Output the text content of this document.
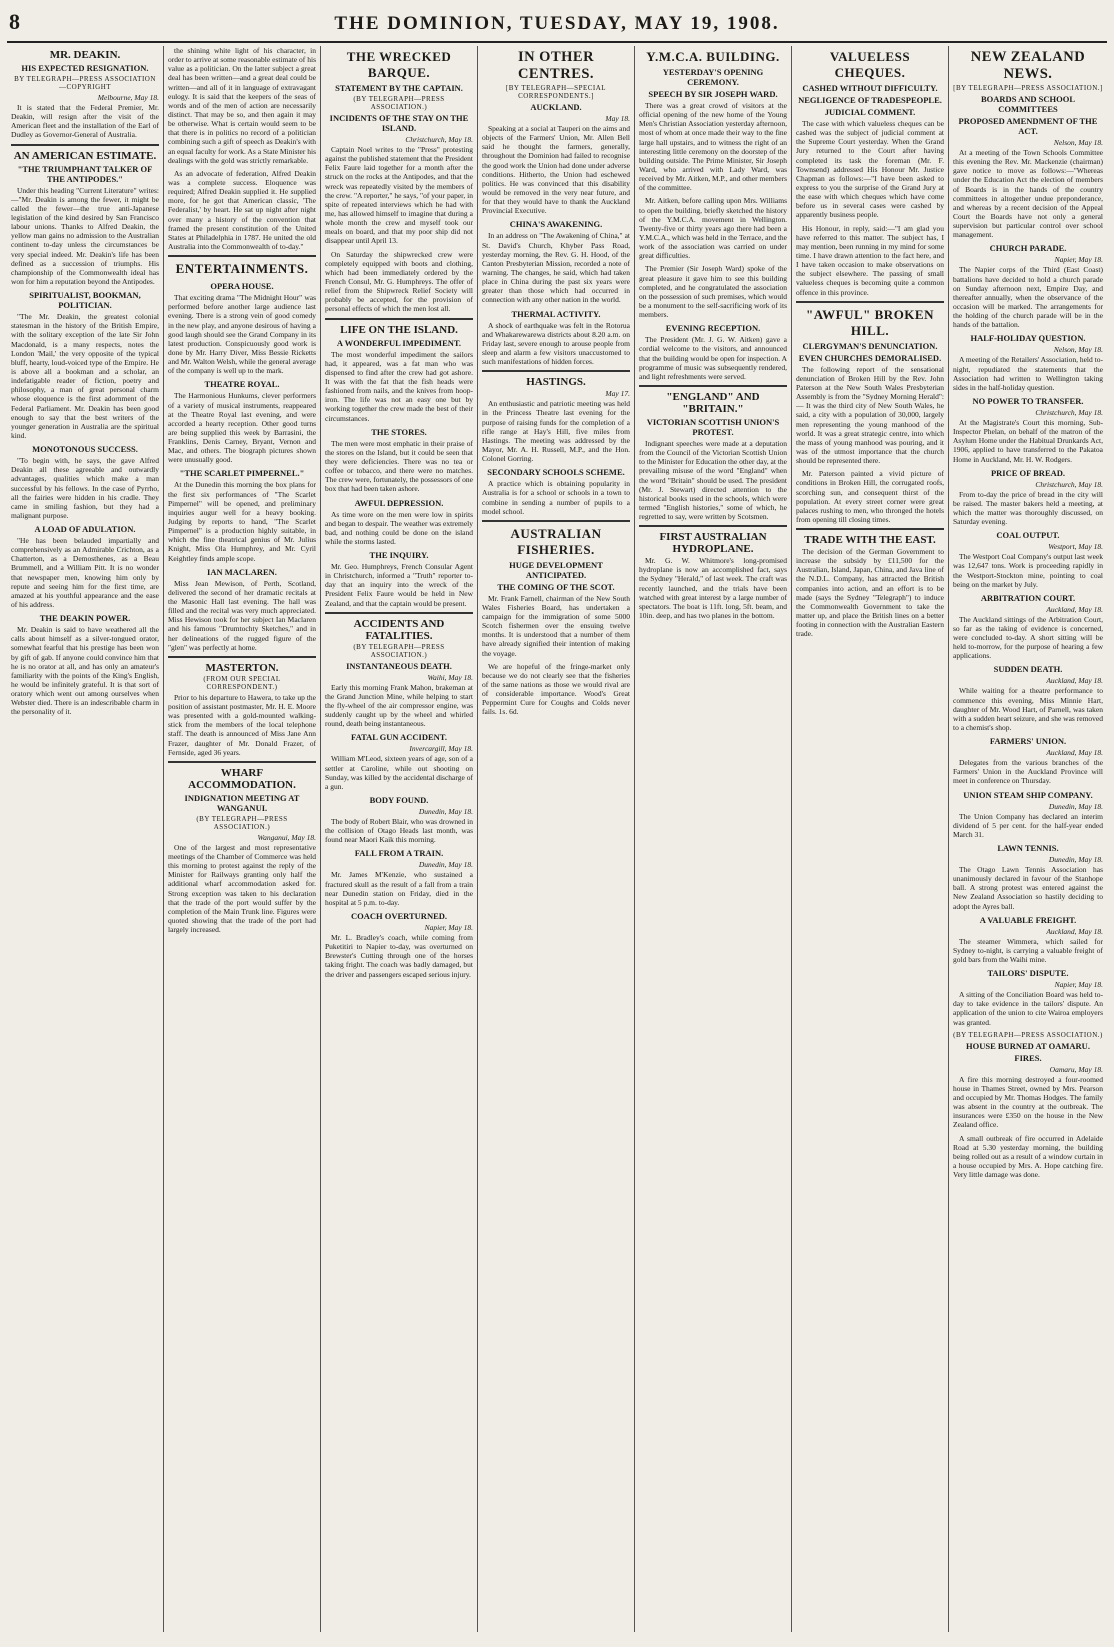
8	THE DOMINION, TUESDAY, MAY 19, 1908.
MR. DEAKIN.
HIS EXPECTED RESIGNATION.
BY TELEGRAPH—PRESS ASSOCIATION—COPYRIGHT
Melbourne, May 18.

It is stated that the Federal Premier, Mr. Deakin, will resign after the visit of the American fleet and the installation of the Earl of Dudley as Governor-General of Australia.

AN AMERICAN ESTIMATE.
"THE TRIUMPHANT TALKER OF THE ANTIPODES."

Under this heading "Current Literature" writes:—"Mr. Deakin is among the fewer, it might be called the fewer—the true anti-Japanese legislation of the kind desired by San Francisco labour unions. Thanks to Alfred Deakin, the yellow man gains no admission to the Australian continent to-day unless the circumstances be very special indeed. Mr. Deakin's life has been defined as a succession of triumphs. His championship of the Commonwealth ideal has won for him a reputation beyond the Antipodes.

SPIRITUALIST, BOOKMAN, POLITICIAN.

"The Mr. Deakin, the greatest colonial statesman in the history of the British Empire, with the solitary exception of the late Sir John Macdonald, is a many respects, notes the London 'Mail,' the very opposite of the typical bluff, hearty, loud-voiced type of the Empire. He is above all a bookman and a scholar, an indefatigable reader of fiction, poetry and philosophy, a man of great personal charm whose eloquence is the first adornment of the Federal Parliament. Mr. Deakin has been good enough to say that the best writers of the younger generation in Australia are the spiritual kind.

MONOTONOUS SUCCESS.

"To begin with, he says, the gave Alfred Deakin all these agreeable and outwardly advantages, qualities which make a man successful by his fellows. In the case of Pyrrho, all the fairies were hidden in his cradle. They came in smiling fashion, but they had a malignant purpose.

A LOAD OF ADULATION.

"He has been belauded impartially and comprehensively as an Admirable Crichton, as a Chatterton, as a Demosthenes, as a Beau Brummell, and a William Pitt. It is no wonder that newspaper men, knowing him only by repute and seeing him for the first time, are amazed at his youthful appearance and the ease of his address.

THE DEAKIN POWER.

Mr. Deakin is said to have weathered all the calls about himself as a silver-tongued orator, somewhat fearful that his prestige has been won by gift of gab. If anyone could convince him that he is no orator at all, and has only an amateur's familiarity with the points of the King's English, he would be infinitely grateful. It is that sort of oratory which went out among ourselves when Webster died. There is an indescribable charm in the personality of it.

the shining white light of his character, in order to arrive at some reasonable estimate of his value as a politician. On the latter subject a great deal has been written—and a great deal could be written—and all of it in language of extravagant eulogy. It is said that the keepers of the seas of words and of the men of action are necessarily distinct. That may be so, and then again it may be otherwise. What is certain would seem to be that there is in politics no record of a politician combining such a gift of speech as Deakin's with an equal faculty for work. As a State Minister his dealings with the gold was strictly remarkable.

As an advocate of federation, Alfred Deakin was a complete success. Eloquence was required; Alfred Deakin supplied it. He supplied more, for he got that American classic, 'The Federalist,' by heart. He sat up night after night over many a history of the convention that framed the present constitution of the United States at Philadelphia in 1787. He united the old Australia into the Commonwealth of to-day."

ENTERTAINMENTS.
OPERA HOUSE.

That exciting drama "The Midnight Hour" was performed before another large audience last evening. There is a strong vein of good comedy in the new play, and anyone desirous of having a good laugh should see the Grand Company in its latest production. Conspicuously good work is done by Mr. Harry Diver, Miss Bessie Ricketts and Mr. Walton Welsh, while the general average of the company is well up to the mark.

THEATRE ROYAL.

The Harmonious Hunkums, clever performers of a variety of musical instruments, reappeared at the Theatre Royal last evening, and were accorded a hearty reception. Other good turns are being supplied this week by Barrasini, the Franklins, Denis Carney, Bryant, Vernon and Mac, and others. The biograph pictures shown were unusually good.

"THE SCARLET PIMPERNEL."

At the Dunedin this morning the box plans for the first six performances of "The Scarlet Pimpernel" will be opened, and preliminary inquiries augur well for a heavy booking. Judging by reports to hand, "The Scarlet Pimpernel" is a production highly suitable, in which the fine theatrical genius of Mr. Julius Knight, Miss Ola Humphrey, and Mr. Cyril Keightley finds ample scope.

IAN MACLAREN.

Miss Jean Mewison, of Perth, Scotland, delivered the second of her dramatic recitals at the Masonic Hall last evening. The hall was filled and the recital was very much appreciated. Miss Hewison took for her subject Ian Maclaren and his famous "Drumtochty Sketches," and in her delineations of the rugged figure of the "glen" was perfectly at home.

MASTERTON.
(FROM OUR SPECIAL CORRESPONDENT.)

Prior to his departure to Hawera, to take up the position of assistant postmaster, Mr. H. E. Moore was presented with a gold-mounted walking-stick from the members of the local telephone staff. The death is announced of Miss Jane Ann Frazer, daughter of Mr. Donald Frazer, of Fernside, aged 36 years.

WHARF ACCOMMODATION.
INDIGNATION MEETING AT WANGANUI.
(BY TELEGRAPH—PRESS ASSOCIATION.)
Wanganui, May 18.

One of the largest and most representative meetings of the Chamber of Commerce was held this morning to protest against the reply of the Minister for Railways granting only half the additional wharf accommodation asked for. Strong exception was taken to his declaration that the trade of the port would suffer by the completion of the Main Trunk line. Figures were quoted showing that the trade of the port had largely increased.

THE WRECKED BARQUE.
STATEMENT BY THE CAPTAIN.
(BY TELEGRAPH—PRESS ASSOCIATION.)
INCIDENTS OF THE STAY ON THE ISLAND.
Christchurch, May 18.

Captain Noel writes to the "Press" protesting against the published statement that the President Felix Faure laid together for a month after the struck on the rocks at the Antipodes, and that the wreck was repeatedly visited by the members of the crew. "A reporter," he says, "of your paper, in spite of repeated interviews which he had with me, has allowed himself to imagine that during a whole month the crew and myself took our meals on board, and that my poor ship did not disappear until April 13.

On Saturday the shipwrecked crew were completely equipped with boots and clothing, which had been immediately ordered by the French Consul, Mr. G. Humphreys. The offer of relief from the Shipwreck Relief Society will probably be accepted, for the provision of personal effects of which the men lost all.

LIFE ON THE ISLAND.
A WONDERFUL IMPEDIMENT.

The most wonderful impediment the sailors had, it appeared, was a fat man who was dispensed to find after the crew had got ashore. It was with the fat that the fish heads were fashioned from nails, and the knives from hoop-iron. The life was not an easy one but by working together the crew made the best of their circumstances.

THE STORES.

The men were most emphatic in their praise of the stores on the Island, but it could be seen that they were deficiencies. There was no tea or coffee or tobacco, and there were no matches. The crew were, fortunately, the possessors of one box that had been taken ashore.

AWFUL DEPRESSION.

As time wore on the men were low in spirits and began to despair. The weather was extremely bad, and nothing could be done on the island while the storms lasted.

THE INQUIRY.

Mr. Geo. Humphreys, French Consular Agent in Christchurch, informed a "Truth" reporter to-day that an inquiry into the wreck of the President Felix Faure would be held in New Zealand, and that the captain would be present.

ACCIDENTS AND FATALITIES.
(BY TELEGRAPH—PRESS ASSOCIATION.)
INSTANTANEOUS DEATH.
Waihi, May 18.

Early this morning Frank Mahon, brakeman at the Grand Junction Mine, while helping to start the fly-wheel of the air compressor engine, was suddenly caught up by the wheel and whirled round, death being instantaneous.

FATAL GUN ACCIDENT.
Invercargill, May 18.

William M'Leod, sixteen years of age, son of a settler at Caroline, while out shooting on Sunday, was killed by the accidental discharge of a gun.

BODY FOUND.
Dunedin, May 18.

The body of Robert Blair, who was drowned in the collision of Otago Heads last month, was found near Maori Kaik this morning.

FALL FROM A TRAIN.
Dunedin, May 18.

Mr. James M'Kenzie, who sustained a fractured skull as the result of a fall from a train near Dunedin station on Friday, died in the hospital at 5 p.m. to-day.

COACH OVERTURNED.
Napier, May 18.

Mr. L. Bradley's coach, while coming from Puketitiri to Napier to-day, was overturned on Brewster's Cutting through one of the horses taking fright. The coach was badly damaged, but the driver and passengers escaped serious injury.

IN OTHER CENTRES.
[BY TELEGRAPH—SPECIAL CORRESPONDENTS.]
AUCKLAND.
May 18.

Speaking at a social at Tauperi on the aims and objects of the Farmers' Union, Mr. Allen Bell said he thought the farmers, generally, throughout the Dominion had failed to recognise the good work the Union had done under adverse conditions. Hitherto, the Union had eschewed politics. He was convinced that this disability would be removed in the very near future, and for that they would have to thank the Auckland Provincial Executive.

CHINA'S AWAKENING.

In an address on "The Awakening of China," at St. David's Church, Khyber Pass Road, yesterday morning, the Rev. G. H. Hood, of the Canton Presbyterian Mission, recorded a note of warning. The changes, he said, which had taken place in China during the past six years were greater than those which had occurred in connection with any other nation in the world.

THERMAL ACTIVITY.

A shock of earthquake was felt in the Rotorua and Whakarewarewa districts about 8.20 a.m. on Friday last, severe enough to arouse people from sleep and alarm a few visitors unaccustomed to such manifestations of hidden forces.

HASTINGS.
May 17.

An enthusiastic and patriotic meeting was held in the Princess Theatre last evening for the purpose of raising funds for the completion of a rifle range at Hay's Hill, five miles from Hastings. The meeting was addressed by the Mayor, Mr. A. H. Russell, M.P., and the Hon. Colonel Gorring.

SECONDARY SCHOOLS SCHEME.

A practice which is obtaining popularity in Australia is for a school or schools in a town to combine in sending a number of pupils to a model school.

AUSTRALIAN FISHERIES.
HUGE DEVELOPMENT ANTICIPATED.
THE COMING OF THE SCOT.

Mr. Frank Farnell, chairman of the New South Wales Fisheries Board, has undertaken a campaign for the immigration of some 5000 Scotch fishermen over the ensuing twelve months. It is understood that a number of them have already signified their intention of making the voyage.

We are hopeful of the fringe-market only because we do not clearly see that the fisheries of the same nations as those we would rival are of considerable importance. Wood's Great Peppermint Cure for Coughs and Colds never fails. 1s. 6d.

Y.M.C.A. BUILDING.
YESTERDAY'S OPENING CEREMONY.
SPEECH BY SIR JOSEPH WARD.

There was a great crowd of visitors at the official opening of the new home of the Young Men's Christian Association yesterday afternoon, most of whom at once made their way to the fine large hall upstairs, and to witness the right of an interesting little ceremony on the doorstep of the building outside. The Prime Minister, Sir Joseph Ward, who arrived with Lady Ward, was received by Mr. Aitken, M.P., and other members of the committee.

Mr. Aitken, before calling upon Mrs. Williams to open the building, briefly sketched the history of the Y.M.C.A. movement in Wellington. Twenty-five or thirty years ago there had been a Y.M.C.A., which was held in the Terrace, and the work of the association was carried on under great difficulties.

The Premier (Sir Joseph Ward) spoke of the great pleasure it gave him to see this building completed, and he congratulated the association on the possession of such premises, which would be a monument to the self-sacrificing work of its members.

EVENING RECEPTION.

The President (Mr. J. G. W. Aitken) gave a cordial welcome to the visitors, and announced that the building would be open for inspection. A programme of music was subsequently rendered, and light refreshments were served.

"ENGLAND" AND "BRITAIN."
VICTORIAN SCOTTISH UNION'S PROTEST.

Indignant speeches were made at a deputation from the Council of the Victorian Scottish Union to the Minister for Education the other day, at the prevailing misuse of the word "England" when the word "Britain" should be used. The president (Mr. J. Stewart) directed attention to the historical books used in the schools, which were termed "English histories," some of which, he regretted to say, were written by Scotsmen.

FIRST AUSTRALIAN HYDROPLANE.

Mr. G. W. Whitmore's long-promised hydroplane is now an accomplished fact, says the Sydney "Herald," of last week. The craft was recently launched, and the trials have been watched with great interest by a large number of spectators. The boat is 11ft. long, 5ft. beam, and 10in. deep, and has two planes in the bottom.

VALUELESS CHEQUES.
CASHED WITHOUT DIFFICULTY.
NEGLIGENCE OF TRADESPEOPLE.
JUDICIAL COMMENT.

The case with which valueless cheques can be cashed was the subject of judicial comment at the Supreme Court yesterday. When the Grand Jury returned to the Court after having completed its task the foreman (Mr. F. Townsend) addressed His Honour Mr. Justice Chapman as follows:—"I have been asked to express to you the surprise of the Grand Jury at the ease with which cheques which have come before us in several cases were cashed by apparently business people.

His Honour, in reply, said:—"I am glad you have referred to this matter. The subject has, I may mention, been running in my mind for some time. I have drawn attention to the fact here, and I have taken occasion to make observations on the subject elsewhere. The passing of small valueless cheques is becoming quite a common offence in this province.

"AWFUL" BROKEN HILL.
CLERGYMAN'S DENUNCIATION.
EVEN CHURCHES DEMORALISED.

The following report of the sensational denunciation of Broken Hill by the Rev. John Paterson at the New South Wales Presbyterian Assembly is from the "Sydney Morning Herald":— It was the third city of New South Wales, he said, a city with a population of 30,000, largely men representing the young manhood of the world. It was a great strategic centre, into which the mass of young manhood was pouring, and it was of the utmost importance that the church should be represented there.

Mr. Paterson painted a vivid picture of conditions in Broken Hill, the corrugated roofs, scorching sun, and consequent thirst of the population. At every street corner were great palaces rushing to men, who thronged the hotels from opening till closing times.

TRADE WITH THE EAST.

The decision of the German Government to increase the subsidy by £11,500 for the Australian, Island, Japan, China, and Java line of the N.D.L. Company, has attracted the British companies into action, and an effort is to be made (says the Sydney "Telegraph") to induce the Commonwealth Government to take the matter up, and place the British lines on a better footing in connection with the Australian Eastern trade.

NEW ZEALAND NEWS.
[BY TELEGRAPH—PRESS ASSOCIATION.]
BOARDS AND SCHOOL COMMITTEES
PROPOSED AMENDMENT OF THE ACT.
Nelson, May 18.

At a meeting of the Town Schools Committee this evening the Rev. Mr. Mackenzie (chairman) gave notice to move as follows:—"Whereas under the Education Act the election of members of Boards is in the hands of the country committees in altogether undue preponderance, and whereas by a recent decision of the Appeal Court the Boards have not only a general supervision but particular control over school management.

CHURCH PARADE.
Napier, May 18.

The Napier corps of the Third (East Coast) battalions have decided to hold a church parade on Sunday afternoon next, Empire Day, and thereafter annually, when the observance of the occasion will be marked. The arrangements for the holding of the church parade will be in the hands of the battalion.

HALF-HOLIDAY QUESTION.
Nelson, May 18.

A meeting of the Retailers' Association, held to-night, repudiated the statements that the Association had written to Wellington taking sides in the half-holiday question.

NO POWER TO TRANSFER.
Christchurch, May 18.

At the Magistrate's Court this morning, Sub-Inspector Phelan, on behalf of the matron of the Asylum Home under the Habitual Drunkards Act, 1906, applied to have transferred to the Pakatoa Home in Auckland, Mr. H. W. Rodgers.

PRICE OF BREAD.
Christchurch, May 18.

From to-day the price of bread in the city will be raised. The master bakers held a meeting, at which the matter was thoroughly discussed, on Saturday evening.

COAL OUTPUT.
Westport, May 18.

The Westport Coal Company's output last week was 12,647 tons. Work is proceeding rapidly in the Westport-Stockton mine, pointing to coal being on the market by July.

ARBITRATION COURT.
Auckland, May 18.

The Auckland sittings of the Arbitration Court, so far as the taking of evidence is concerned, were concluded to-day. A short sitting will be held to-morrow, for the purpose of hearing a few applications.

SUDDEN DEATH.
Auckland, May 18.

While waiting for a theatre performance to commence this evening, Miss Minnie Hart, daughter of Mr. Wood Hart, of Parnell, was taken with a sudden heart seizure, and she was removed to a chemist's shop.

FARMERS' UNION.
Auckland, May 18.

Delegates from the various branches of the Farmers' Union in the Auckland Province will meet in conference on Thursday.

UNION STEAM SHIP COMPANY.
Dunedin, May 18.

The Union Company has declared an interim dividend of 5 per cent. for the half-year ended March 31.

LAWN TENNIS.
Dunedin, May 18.

The Otago Lawn Tennis Association has unanimously declared in favour of the Stanhope ball. A strong protest was entered against the New Zealand Association so hastily deciding to adopt the Ayres ball.

A VALUABLE FREIGHT.
Auckland, May 18.

The steamer Wimmera, which sailed for Sydney to-night, is carrying a valuable freight of gold bars from the Waihi mine.

TAILORS' DISPUTE.
Napier, May 18.

A sitting of the Conciliation Board was held to-day to take evidence in the tailors' dispute. An application of the union to cite Wairoa employers was granted.

(BY TELEGRAPH—PRESS ASSOCIATION.)
HOUSE BURNED AT OAMARU.
FIRES.
Oamaru, May 18.

A fire this morning destroyed a four-roomed house in Thames Street, owned by Mrs. Pearson and occupied by Mr. Thomas Hodges. The family was absent in the country at the outbreak. The insurances were £350 on the house in the New Zealand office.

A small outbreak of fire occurred in Adelaide Road at 5.30 yesterday morning, the building being rolled out as a result of a window curtain in a house occupied by Mrs. A. Hope catching fire. Very little damage was done.
